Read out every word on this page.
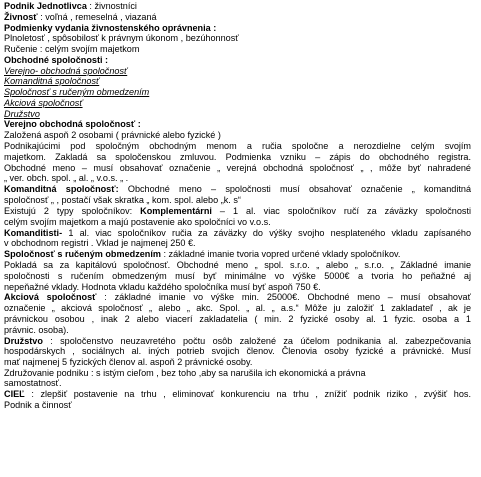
Podnik Jednotlivca : živnostníci
Živnosť : voľná , remeselná , viazaná
Podmienky vydania živnostenského oprávnenia :
Plnoletosť , spôsobilosť k právnym úkonom , bezúhonnosť
Ručenie : celým svojím majetkom
Obchodné spoločnosti :
Verejno- obchodná spoločnosť
Komanditná spoločnosť
Spoločnosť s ručeným obmedzením
Akciová spoločnosť
Družstvo
Verejno obchodná spoločnosť :
Založená aspoň 2 osobami ( právnické alebo fyzické )
Podnikajúcimi pod spoločným obchodným menom a ručia spoločne a nerozdielne celým svojím
majetkom. Zakladá sa spoločenskou zmluvou. Podmienka vzniku – zápis do obchodného registra.
Obchodné meno – musí obsahovať označenie „ verejná obchodná spoločnosť „ , môže byť nahradené
„ ver. obch. spol. „ al. „ v.o.s. „ .
Komanditná spoločnosť: Obchodné meno – spoločnosti musí obsahovať označenie „ komanditná
spoločnosť „ , postačí však skratka „ kom. spol. alebo „k. s“
Existujú 2 typy spoločníkov: Komplementárni – 1 al. viac spoločníkov ručí za záväzky spoločnosti
celým svojím majetkom a majú postavenie ako spoločníci vo v.o.s.
Komanditisti- 1 al. viac spoločníkov ručia za záväzky do výšky svojho nesplateného vkladu zapísaného
v obchodnom registri . Vklad je najmenej 250 €.
Spoločnosť s ručeným obmedzením : základné imanie tvoria vopred určené vklady spoločníkov.
Pokladá sa za kapitálovú spoločnosť. Obchodné meno „ spol. s.r.o. „ alebo „ s.r.o. „ Základné imanie
spoločnosti s ručením obmedzeným musí byť minimálne vo výške 5000€ a tvoria ho peňažné aj
nepeňažné vklady. Hodnota vkladu každého spoločníka musí byť aspoň 750 €.
Akciová spoločnosť : základné imanie vo výške min. 25000€. Obchodné meno – musí obsahovať
označenie „ akciová spoločnosť „ alebo „ akc. Spol. „ al. „ a.s.“ Môže ju založiť 1 zakladateľ , ak je
právnickou osobou , inak 2 alebo viacerí zakladatelia ( min. 2 fyzické osoby al. 1 fyzic. osoba a 1
právnic. osoba).
Družstvo : spoločenstvo neuzavretého počtu osôb založené za účelom podnikania al. zabezpečovania
hospodárskych , sociálnych al. iných potrieb svojich členov. Členovia osoby fyzické a právnické. Musí
mať najmenej 5 fyzických členov al. aspoň 2 právnické osoby.
Združovanie podniku : s istým cieľom , bez toho ,aby sa narušila ich ekonomická a právna
samostatnosť.
CIEĽ : zlepšiť postavenie na trhu , eliminovať konkurenciu na trhu , znížiť podnik riziko , zvýšiť hos.
Podnik a činnosť
